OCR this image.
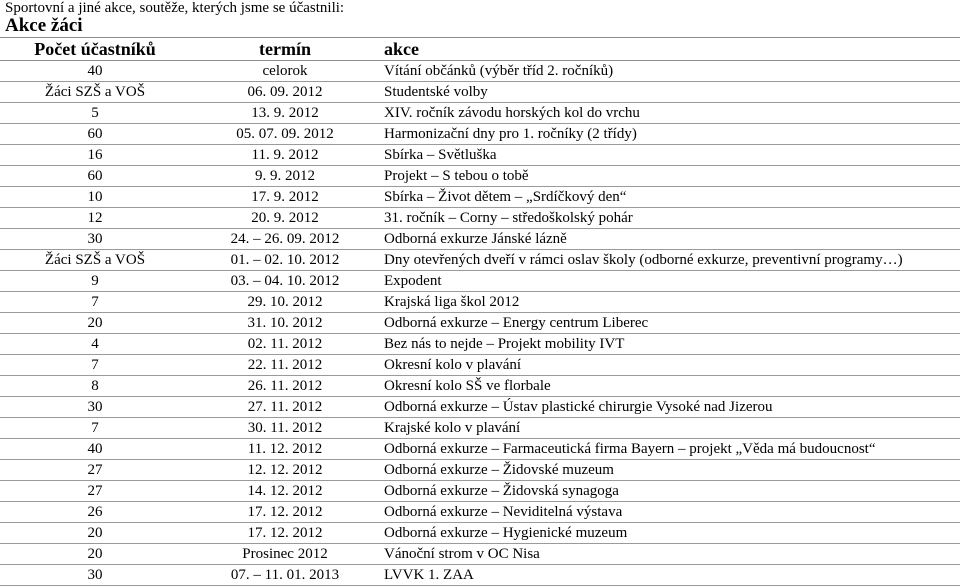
Sportovní a jiné akce, soutěže, kterých jsme se účastnili:
Akce žáci
Počet účastníků	termín	akce
40	celorok	Vítání občánků (výběr tříd 2. ročníků)
Žáci SZŠ a VOŠ	06. 09. 2012	Studentské volby
5	13. 9. 2012	XIV. ročník závodu horských kol do vrchu
60	05. 07. 09. 2012	Harmonizační dny pro 1. ročníky (2 třídy)
16	11. 9. 2012	Sbírka – Světluška
60	9. 9. 2012	Projekt – S tebou o tobě
10	17. 9. 2012	Sbírka – Život dětem – „Srdíčkový den“
12	20. 9. 2012	31. ročník – Corny – středoškolský pohár
30	24. – 26. 09. 2012	Odborná exkurze Jánské lázně
Žáci SZŠ a VOŠ	01. – 02. 10. 2012	Dny otevřených dveří v rámci oslav školy (odborné exkurze, preventivní programy…)
9	03. – 04. 10. 2012	Expodent
7	29. 10. 2012	Krajská liga škol 2012
20	31. 10. 2012	Odborná exkurze – Energy centrum Liberec
4	02. 11. 2012	Bez nás to nejde – Projekt mobility IVT
7	22. 11. 2012	Okresní kolo v plavání
8	26. 11. 2012	Okresní kolo SŠ ve florbale
30	27. 11. 2012	Odborná exkurze – Ústav plastické chirurgie Vysoké nad Jizerou
7	30. 11. 2012	Krajské kolo v plavání
40	11. 12. 2012	Odborná exkurze – Farmaceutická firma Bayern – projekt „Věda má budoucnost“
27	12. 12. 2012	Odborná exkurze – Židovské muzeum
27	14. 12. 2012	Odborná exkurze – Židovská synagoga
26	17. 12. 2012	Odborná exkurze – Neviditelná výstava
20	17. 12. 2012	Odborná exkurze – Hygienické muzeum
20	Prosinec 2012	Vánoční strom v OC Nisa
30	07. – 11. 01. 2013	LVVK 1. ZAA
